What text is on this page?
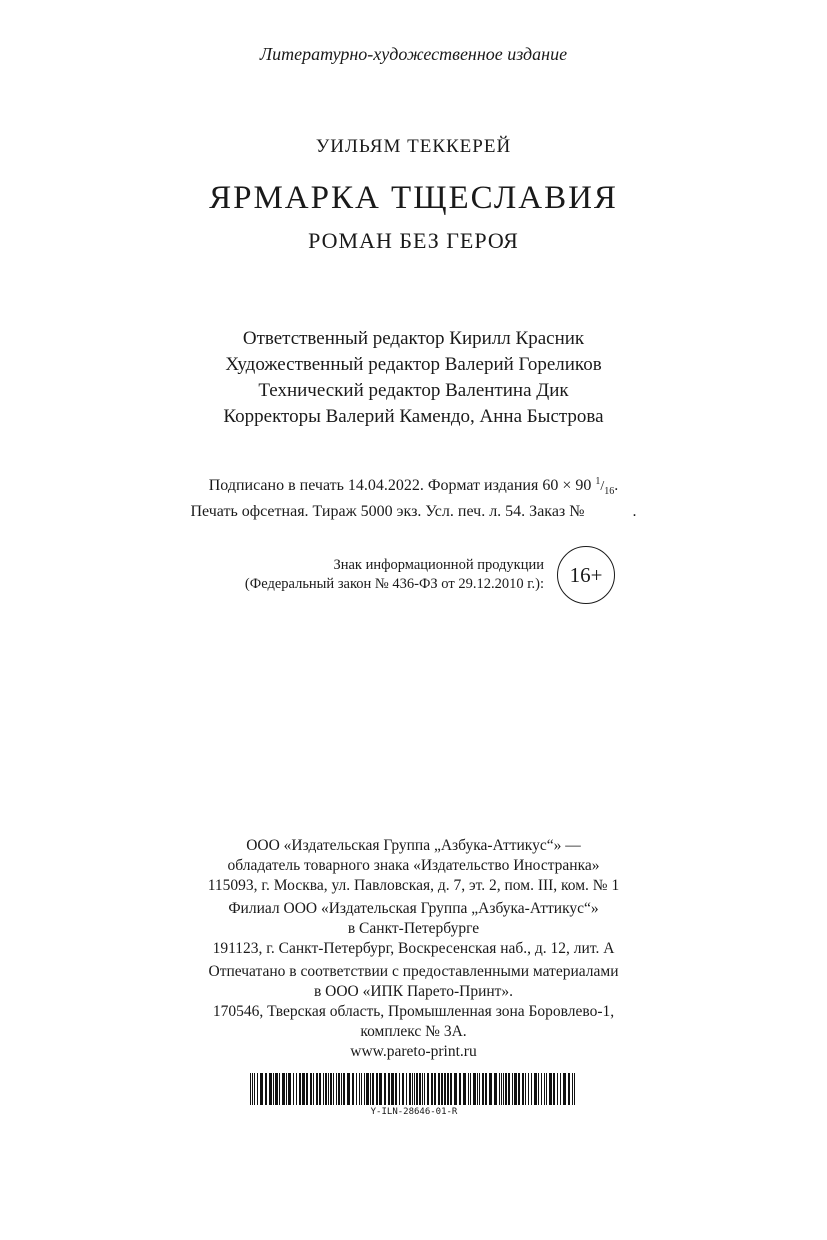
Литературно-художественное издание
УИЛЬЯМ ТЕККЕРЕЙ
ЯРМАРКА ТЩЕСЛАВИЯ
РОМАН БЕЗ ГЕРОЯ
Ответственный редактор Кирилл Красник
Художественный редактор Валерий Гореликов
Технический редактор Валентина Дик
Корректоры Валерий Камендо, Анна Быстрова
Подписано в печать 14.04.2022. Формат издания 60 × 90 $^1/_{16}$.
Печать офсетная. Тираж 5000 экз. Усл. печ. л. 54. Заказ №	.
Знак информационной продукции
(Федеральный закон № 436-ФЗ от 29.12.2010 г.):	16+
ООО «Издательская Группа „Азбука-Аттикус“» —
обладатель товарного знака «Издательство Иностранка»
115093, г. Москва, ул. Павловская, д. 7, эт. 2, пом. III, ком. № 1
Филиал ООО «Издательская Группа „Азбука-Аттикус“»
в Санкт-Петербурге
191123, г. Санкт-Петербург, Воскресенская наб., д. 12, лит. А
Отпечатано в соответствии с предоставленными материалами
в ООО «ИПК Парето-Принт».
170546, Тверская область, Промышленная зона Боровлево-1,
комплекс № 3А.
www.pareto-print.ru
Y-ILN-28646-01-R
